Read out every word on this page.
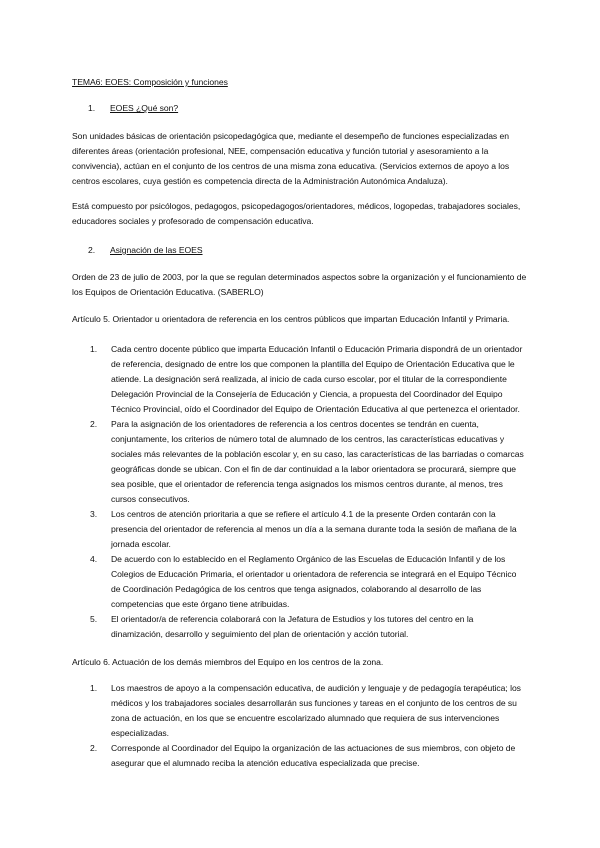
TEMA6: EOES: Composición y funciones

1. EOES ¿Qué son?

Son unidades básicas de orientación psicopedagógica que, mediante el desempeño de funciones especializadas en diferentes áreas (orientación profesional, NEE, compensación educativa y función tutorial y asesoramiento a la convivencia), actúan en el conjunto de los centros de una misma zona educativa. (Servicios externos de apoyo a los centros escolares, cuya gestión es competencia directa de la Administración Autonómica Andaluza).

Está compuesto por psicólogos, pedagogos, psicopedagogos/orientadores, médicos, logopedas, trabajadores sociales, educadores sociales y profesorado de compensación educativa.

2. Asignación de las EOES

Orden de 23 de julio de 2003, por la que se regulan determinados aspectos sobre la organización y el funcionamiento de los Equipos de Orientación Educativa. (SABERLO)

Artículo 5. Orientador u orientadora de referencia en los centros públicos que impartan Educación Infantil y Primaria.

1. Cada centro docente público que imparta Educación Infantil o Educación Primaria dispondrá de un orientador de referencia, designado de entre los que componen la plantilla del Equipo de Orientación Educativa que le atiende. La designación será realizada, al inicio de cada curso escolar, por el titular de la correspondiente Delegación Provincial de la Consejería de Educación y Ciencia, a propuesta del Coordinador del Equipo Técnico Provincial, oído el Coordinador del Equipo de Orientación Educativa al que pertenezca el orientador.
2. Para la asignación de los orientadores de referencia a los centros docentes se tendrán en cuenta, conjuntamente, los criterios de número total de alumnado de los centros, las características educativas y sociales más relevantes de la población escolar y, en su caso, las características de las barriadas o comarcas geográficas donde se ubican. Con el fin de dar continuidad a la labor orientadora se procurará, siempre que sea posible, que el orientador de referencia tenga asignados los mismos centros durante, al menos, tres cursos consecutivos.
3. Los centros de atención prioritaria a que se refiere el artículo 4.1 de la presente Orden contarán con la presencia del orientador de referencia al menos un día a la semana durante toda la sesión de mañana de la jornada escolar.
4. De acuerdo con lo establecido en el Reglamento Orgánico de las Escuelas de Educación Infantil y de los Colegios de Educación Primaria, el orientador u orientadora de referencia se integrará en el Equipo Técnico de Coordinación Pedagógica de los centros que tenga asignados, colaborando al desarrollo de las competencias que este órgano tiene atribuidas.
5. El orientador/a de referencia colaborará con la Jefatura de Estudios y los tutores del centro en la dinamización, desarrollo y seguimiento del plan de orientación y acción tutorial.

Artículo 6. Actuación de los demás miembros del Equipo en los centros de la zona.

1. Los maestros de apoyo a la compensación educativa, de audición y lenguaje y de pedagogía terapéutica; los médicos y los trabajadores sociales desarrollarán sus funciones y tareas en el conjunto de los centros de su zona de actuación, en los que se encuentre escolarizado alumnado que requiera de sus intervenciones especializadas.
2. Corresponde al Coordinador del Equipo la organización de las actuaciones de sus miembros, con objeto de asegurar que el alumnado reciba la atención educativa especializada que precise.
